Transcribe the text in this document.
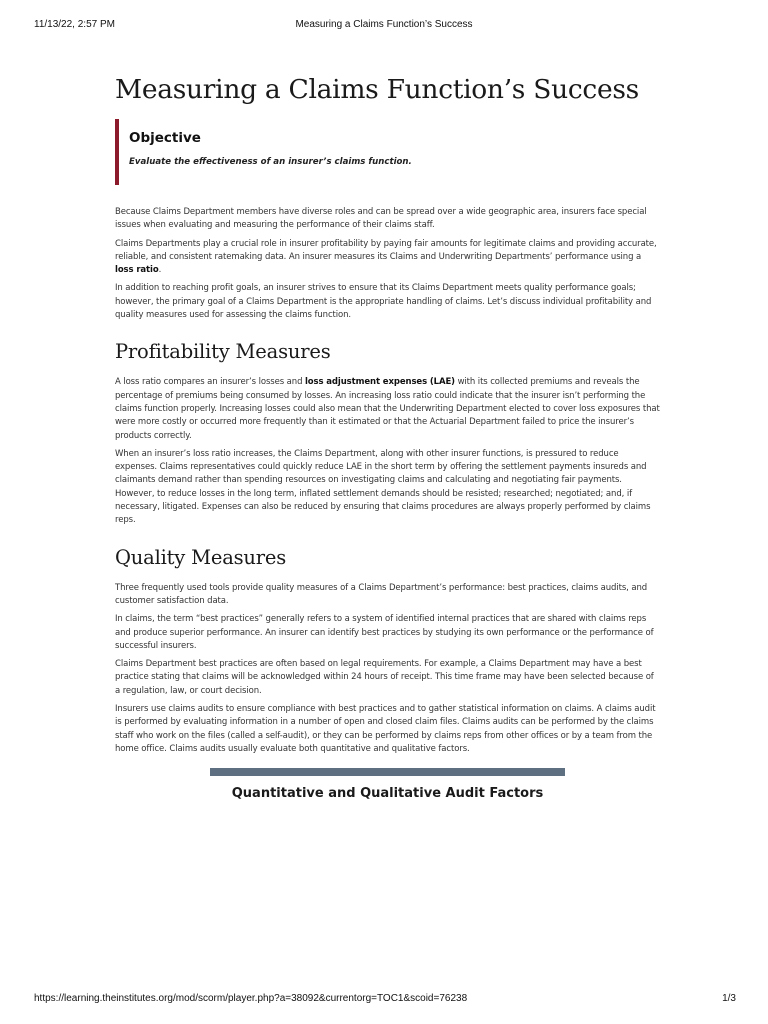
11/13/22, 2:57 PM	Measuring a Claims Function’s Success
Measuring a Claims Function’s Success

Objective

Evaluate the effectiveness of an insurer’s claims function.

Because Claims Department members have diverse roles and can be spread over a wide geographic area, insurers face special issues when evaluating and measuring the performance of their claims staff.

Claims Departments play a crucial role in insurer profitability by paying fair amounts for legitimate claims and providing accurate, reliable, and consistent ratemaking data. An insurer measures its Claims and Underwriting Departments’ performance using a loss ratio.

In addition to reaching profit goals, an insurer strives to ensure that its Claims Department meets quality performance goals; however, the primary goal of a Claims Department is the appropriate handling of claims. Let’s discuss individual profitability and quality measures used for assessing the claims function.

Profitability Measures

A loss ratio compares an insurer’s losses and loss adjustment expenses (LAE) with its collected premiums and reveals the percentage of premiums being consumed by losses. An increasing loss ratio could indicate that the insurer isn’t performing the claims function properly. Increasing losses could also mean that the Underwriting Department elected to cover loss exposures that were more costly or occurred more frequently than it estimated or that the Actuarial Department failed to price the insurer’s products correctly.

When an insurer’s loss ratio increases, the Claims Department, along with other insurer functions, is pressured to reduce expenses. Claims representatives could quickly reduce LAE in the short term by offering the settlement payments insureds and claimants demand rather than spending resources on investigating claims and calculating and negotiating fair payments. However, to reduce losses in the long term, inflated settlement demands should be resisted; researched; negotiated; and, if necessary, litigated. Expenses can also be reduced by ensuring that claims procedures are always properly performed by claims reps.

Quality Measures

Three frequently used tools provide quality measures of a Claims Department’s performance: best practices, claims audits, and customer satisfaction data.

In claims, the term “best practices” generally refers to a system of identified internal practices that are shared with claims reps and produce superior performance. An insurer can identify best practices by studying its own performance or the performance of successful insurers.

Claims Department best practices are often based on legal requirements. For example, a Claims Department may have a best practice stating that claims will be acknowledged within 24 hours of receipt. This time frame may have been selected because of a regulation, law, or court decision.

Insurers use claims audits to ensure compliance with best practices and to gather statistical information on claims. A claims audit is performed by evaluating information in a number of open and closed claim files. Claims audits can be performed by the claims staff who work on the files (called a self-audit), or they can be performed by claims reps from other offices or by a team from the home office. Claims audits usually evaluate both quantitative and qualitative factors.

Quantitative and Qualitative Audit Factors
https://learning.theinstitutes.org/mod/scorm/player.php?a=38092&currentorg=TOC1&scoid=76238	1/3
